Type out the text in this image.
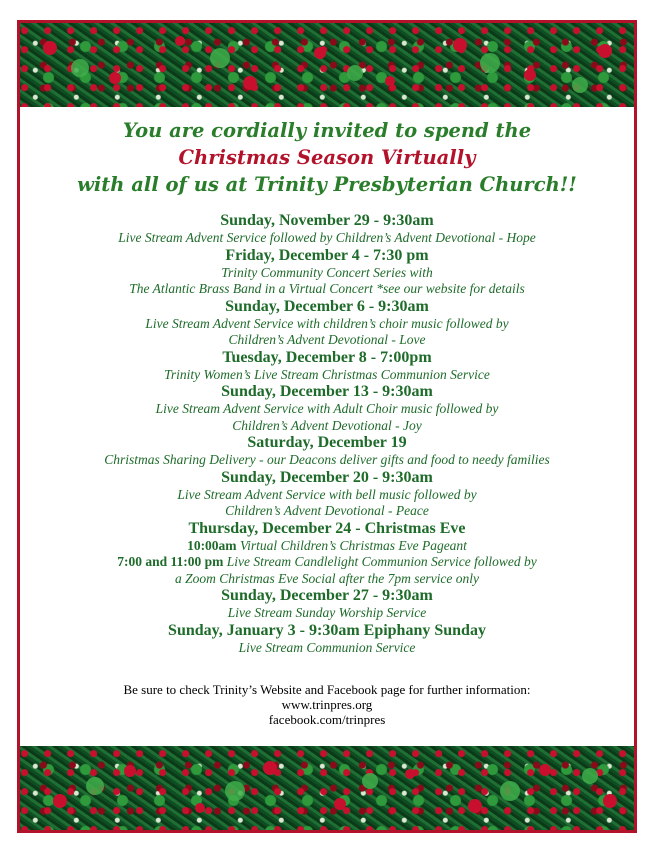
You are cordially invited to spend the
Christmas Season Virtually
with all of us at Trinity Presbyterian Church!!
Sunday, November 29 - 9:30am
Live Stream Advent Service followed by Children’s Advent Devotional - Hope
Friday, December 4 - 7:30 pm
Trinity Community Concert Series with
The Atlantic Brass Band in a Virtual Concert *see our website for details
Sunday, December 6 - 9:30am
Live Stream Advent Service with children’s choir music followed by
Children’s Advent Devotional - Love
Tuesday, December 8 - 7:00pm
Trinity Women’s Live Stream Christmas Communion Service
Sunday, December 13 - 9:30am
Live Stream Advent Service with Adult Choir music followed by
Children’s Advent Devotional - Joy
Saturday, December 19
Christmas Sharing Delivery - our Deacons deliver gifts and food to needy families
Sunday, December 20 - 9:30am
Live Stream Advent Service with bell music followed by
Children’s Advent Devotional - Peace
Thursday, December 24 - Christmas Eve
10:00am Virtual Children’s Christmas Eve Pageant
7:00 and 11:00 pm Live Stream Candlelight Communion Service followed by
a Zoom Christmas Eve Social after the 7pm service only
Sunday, December 27 - 9:30am
Live Stream Sunday Worship Service
Sunday, January 3 - 9:30am Epiphany Sunday
Live Stream Communion Service
Be sure to check Trinity’s Website and Facebook page for further information:
www.trinpres.org
facebook.com/trinpres
